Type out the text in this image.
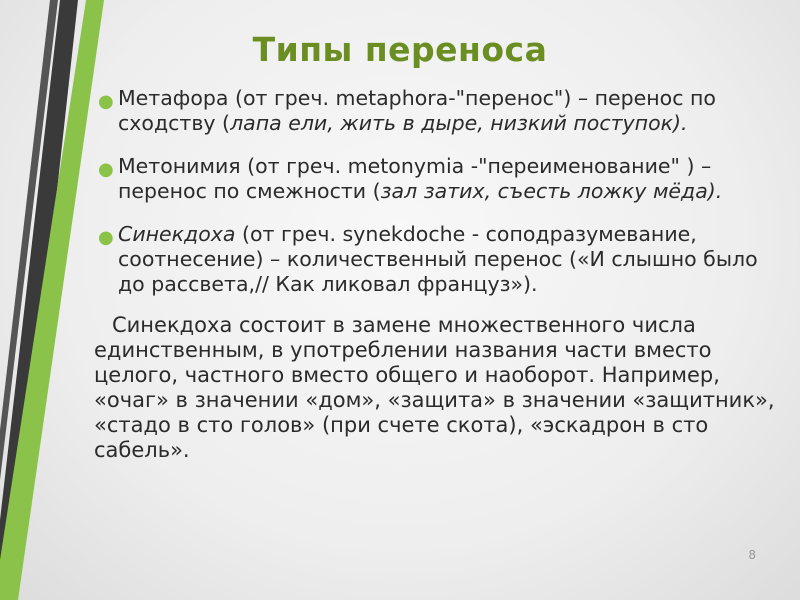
Типы переноса
● Метафора (от греч. metaphora-"перенос") – перенос по сходству (лапа ели, жить в дыре, низкий поступок).
● Метонимия (от греч. metonymia -"переименование" ) – перенос по смежности (зал затих, съесть ложку мёда).
● Синекдоха (от греч. synekdoche - соподразумевание, соотнесение) – количественный перенос («И слышно было до рассвета,// Как ликовал француз»).
Синекдоха состоит в замене множественного числа единственным, в употреблении названия части вместо целого, частного вместо общего и наоборот. Например, «очаг» в значении «дом», «защита» в значении «защитник», «стадо в сто голов» (при счете скота), «эскадрон в сто сабель».
8
